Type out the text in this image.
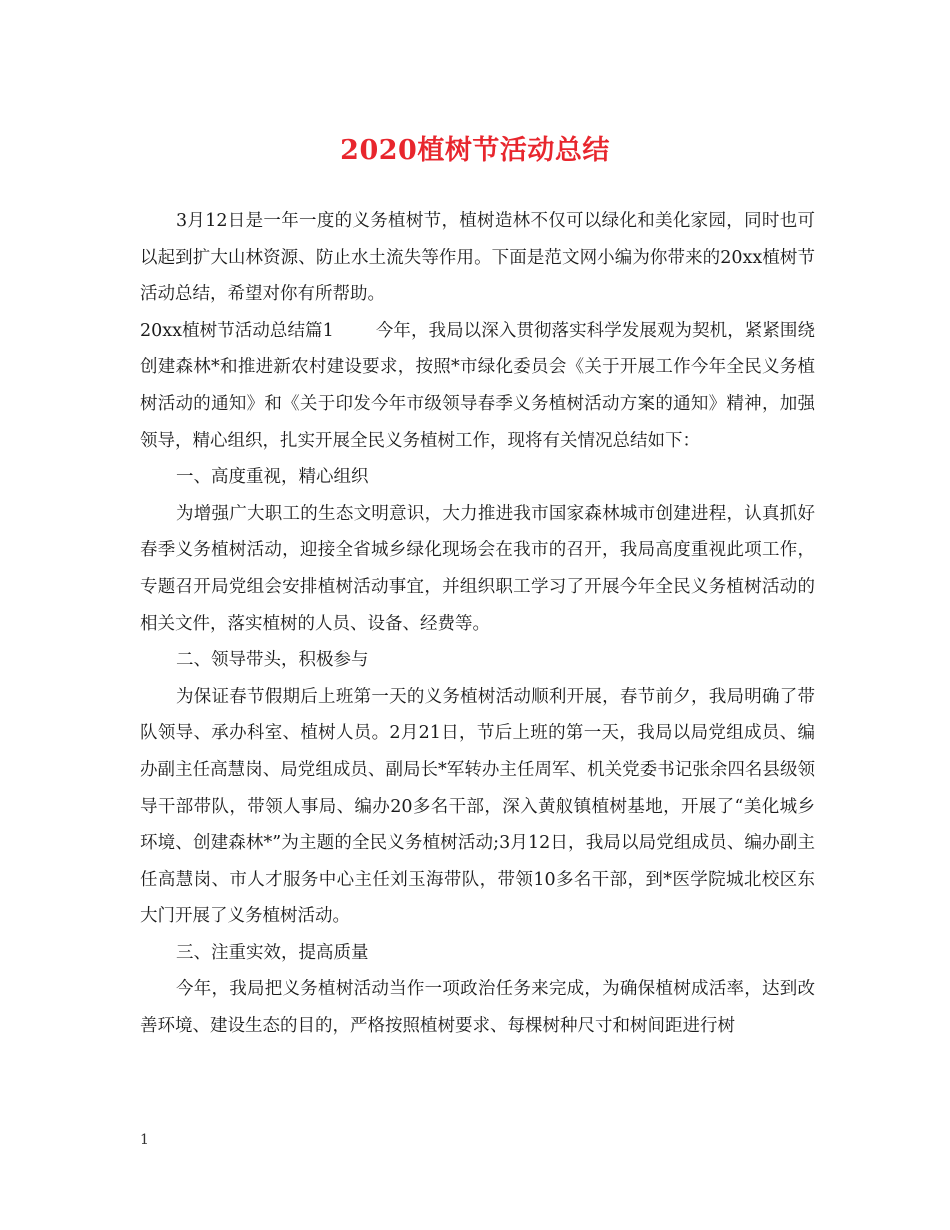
2020植树节活动总结

3月12日是一年一度的义务植树节，植树造林不仅可以绿化和美化家园，同时也可以起到扩大山林资源、防止水土流失等作用。下面是范文网小编为你带来的20xx植树节活动总结，希望对你有所帮助。

20xx植树节活动总结篇1 今年，我局以深入贯彻落实科学发展观为契机，紧紧围绕创建森林*和推进新农村建设要求，按照*市绿化委员会《关于开展工作今年全民义务植树活动的通知》和《关于印发今年市级领导春季义务植树活动方案的通知》精神，加强领导，精心组织，扎实开展全民义务植树工作，现将有关情况总结如下：

一、高度重视，精心组织

为增强广大职工的生态文明意识，大力推进我市国家森林城市创建进程，认真抓好春季义务植树活动，迎接全省城乡绿化现场会在我市的召开，我局高度重视此项工作，专题召开局党组会安排植树活动事宜，并组织职工学习了开展今年全民义务植树活动的相关文件，落实植树的人员、设备、经费等。

二、领导带头，积极参与

为保证春节假期后上班第一天的义务植树活动顺利开展，春节前夕，我局明确了带队领导、承办科室、植树人员。2月21日，节后上班的第一天，我局以局党组成员、编办副主任高慧岗、局党组成员、副局长*军转办主任周军、机关党委书记张余四名县级领导干部带队，带领人事局、编办20多名干部，深入黄舣镇植树基地，开展了“美化城乡环境、创建森林*”为主题的全民义务植树活动;3月12日，我局以局党组成员、编办副主任高慧岗、市人才服务中心主任刘玉海带队，带领10多名干部，到*医学院城北校区东大门开展了义务植树活动。

三、注重实效，提高质量

今年，我局把义务植树活动当作一项政治任务来完成，为确保植树成活率，达到改善环境、建设生态的目的，严格按照植树要求、每棵树种尺寸和树间距进行树

1
